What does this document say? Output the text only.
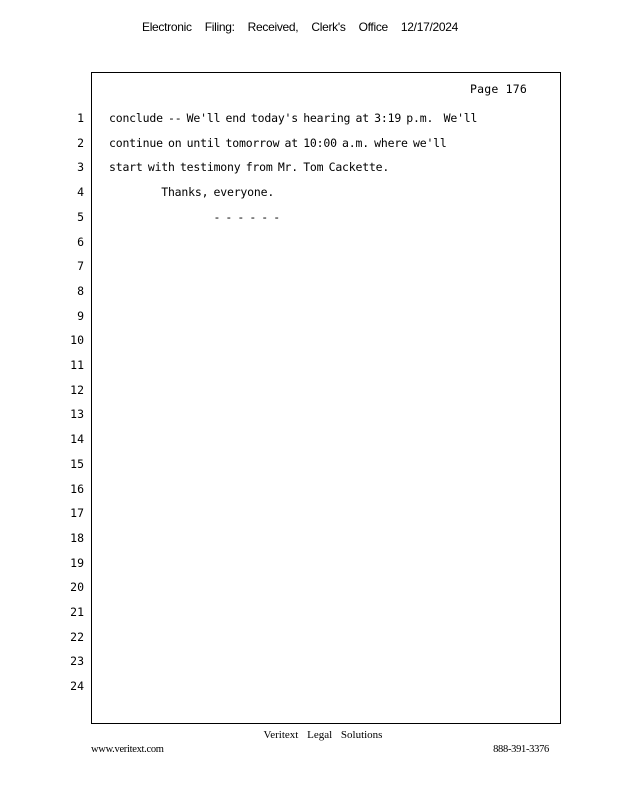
Electronic Filing: Received, Clerk's Office 12/17/2024
Page 176
1
2
3
4
5
6
7
8
9
10
11
12
13
14
15
16
17
18
19
20
21
22
23
24
conclude -- We'll end today's hearing at 3:19 p.m.  We'll
continue on until tomorrow at 10:00 a.m. where we'll
start with testimony from Mr. Tom Cackette.
Thanks, everyone.
- - - - - -
Veritext Legal Solutions
www.veritext.com	888-391-3376
